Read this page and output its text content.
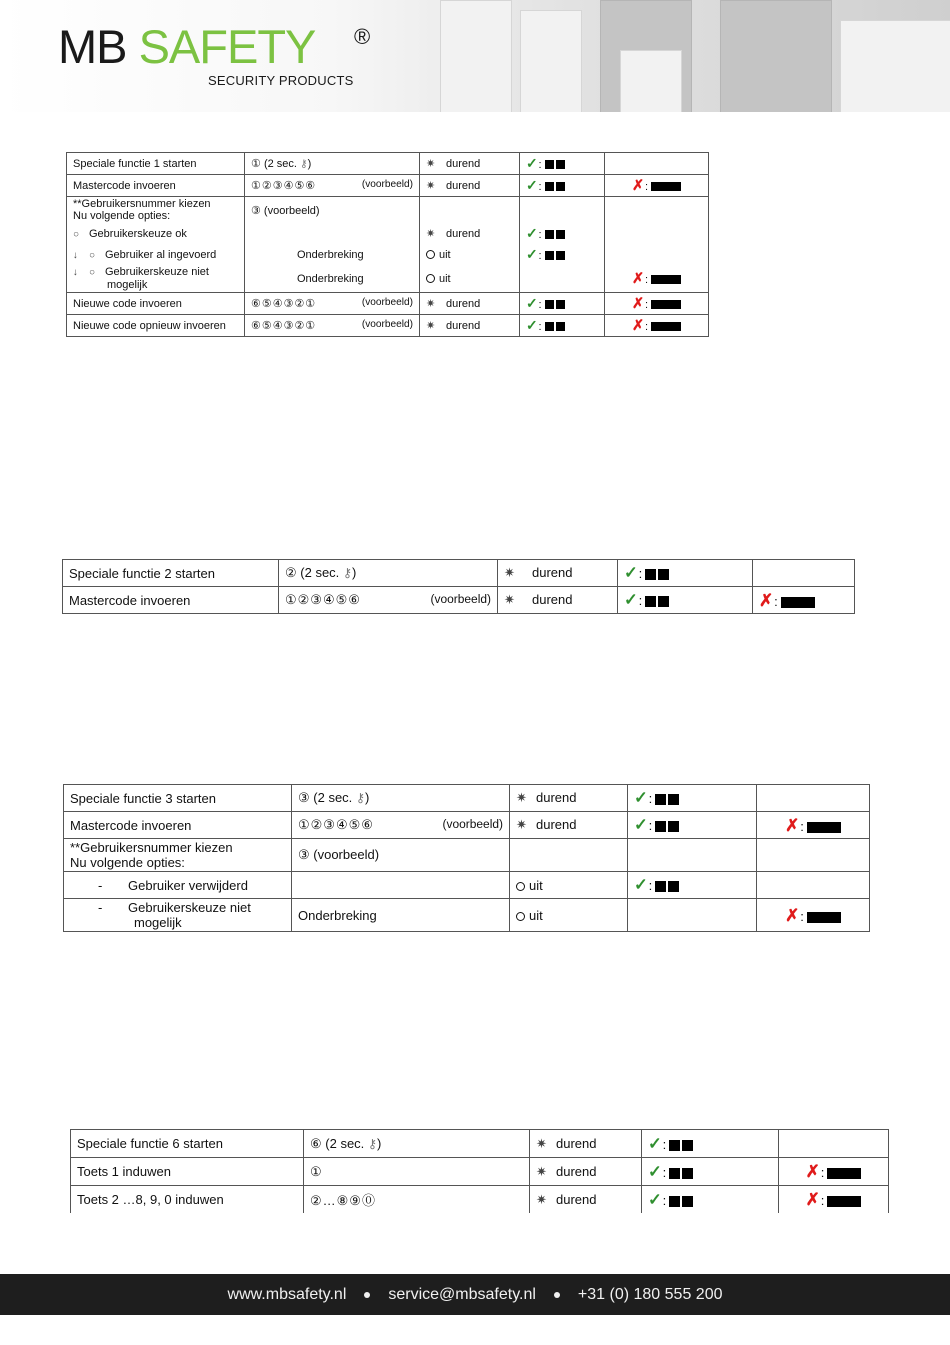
MB SAFETY ®
SECURITY PRODUCTS
Speciale functie 1 starten	① (2 sec. ⚷)	✷ durend	✓:	
Mastercode invoeren	①②③④⑤⑥ (voorbeeld)	✷ durend	✓:	✗:
**Gebruikersnummer kiezen
Nu volgende opties:	③ (voorbeeld)			
○ Gebruikerskeuze ok		✷ durend	✓:	
↓ ○ Gebruiker al ingevoerd	Onderbreking	uit	✓:	
↓ ○ Gebruikerskeuze niet
mogelijk	Onderbreking	uit		✗:
Nieuwe code invoeren	⑥⑤④③②① (voorbeeld)	✷ durend	✓:	✗:
Nieuwe code opnieuw invoeren	⑥⑤④③②① (voorbeeld)	✷ durend	✓:	✗:
Speciale functie 2 starten	② (2 sec. ⚷)	✷ durend	✓:	
Mastercode invoeren	①②③④⑤⑥ (voorbeeld)	✷ durend	✓:	✗:
Speciale functie 3 starten	③ (2 sec. ⚷)	✷ durend	✓:	
Mastercode invoeren	①②③④⑤⑥ (voorbeeld)	✷ durend	✓:	✗:
**Gebruikersnummer kiezen
Nu volgende opties:	③ (voorbeeld)			
- Gebruiker verwijderd		uit	✓:	
- Gebruikerskeuze niet
mogelijk	Onderbreking	uit		✗:
Speciale functie 6 starten	⑥ (2 sec. ⚷)	✷ durend	✓:	
Toets 1 induwen	①	✷ durend	✓:	✗:
Toets 2 …8, 9, 0 induwen	②…⑧⑨⓪	✷ durend	✓:	✗:
www.mbsafety.nl	service@mbsafety.nl	+31 (0) 180 555 200
